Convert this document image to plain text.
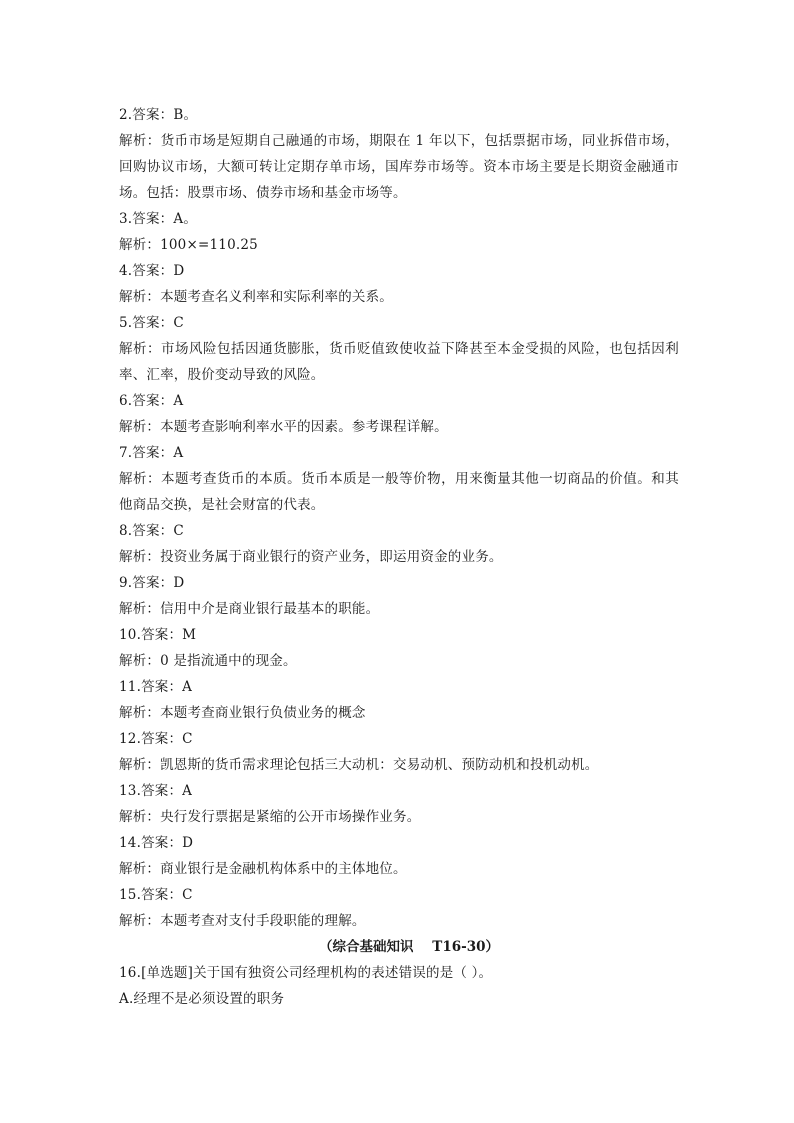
2.答案：B。
解析：货币市场是短期自己融通的市场，期限在 1 年以下，包括票据市场，同业拆借市场，回购协议市场，大额可转让定期存单市场，国库券市场等。资本市场主要是长期资金融通市场。包括：股票市场、债券市场和基金市场等。
3.答案：A。
解析：100×=110.25
4.答案：D
解析：本题考查名义利率和实际利率的关系。
5.答案：C
解析：市场风险包括因通货膨胀，货币贬值致使收益下降甚至本金受损的风险，也包括因利率、汇率，股价变动导致的风险。
6.答案：A
解析：本题考查影响利率水平的因素。参考课程详解。
7.答案：A
解析：本题考查货币的本质。货币本质是一般等价物，用来衡量其他一切商品的价值。和其他商品交换，是社会财富的代表。
8.答案：C
解析：投资业务属于商业银行的资产业务，即运用资金的业务。
9.答案：D
解析：信用中介是商业银行最基本的职能。
10.答案：M
解析：0 是指流通中的现金。
11.答案：A
解析：本题考查商业银行负债业务的概念
12.答案：C
解析：凯恩斯的货币需求理论包括三大动机：交易动机、预防动机和投机动机。
13.答案：A
解析：央行发行票据是紧缩的公开市场操作业务。
14.答案：D
解析：商业银行是金融机构体系中的主体地位。
15.答案：C
解析：本题考查对支付手段职能的理解。
（综合基础知识    T16-30）
16.[单选题]关于国有独资公司经理机构的表述错误的是（ ）。
A.经理不是必须设置的职务
